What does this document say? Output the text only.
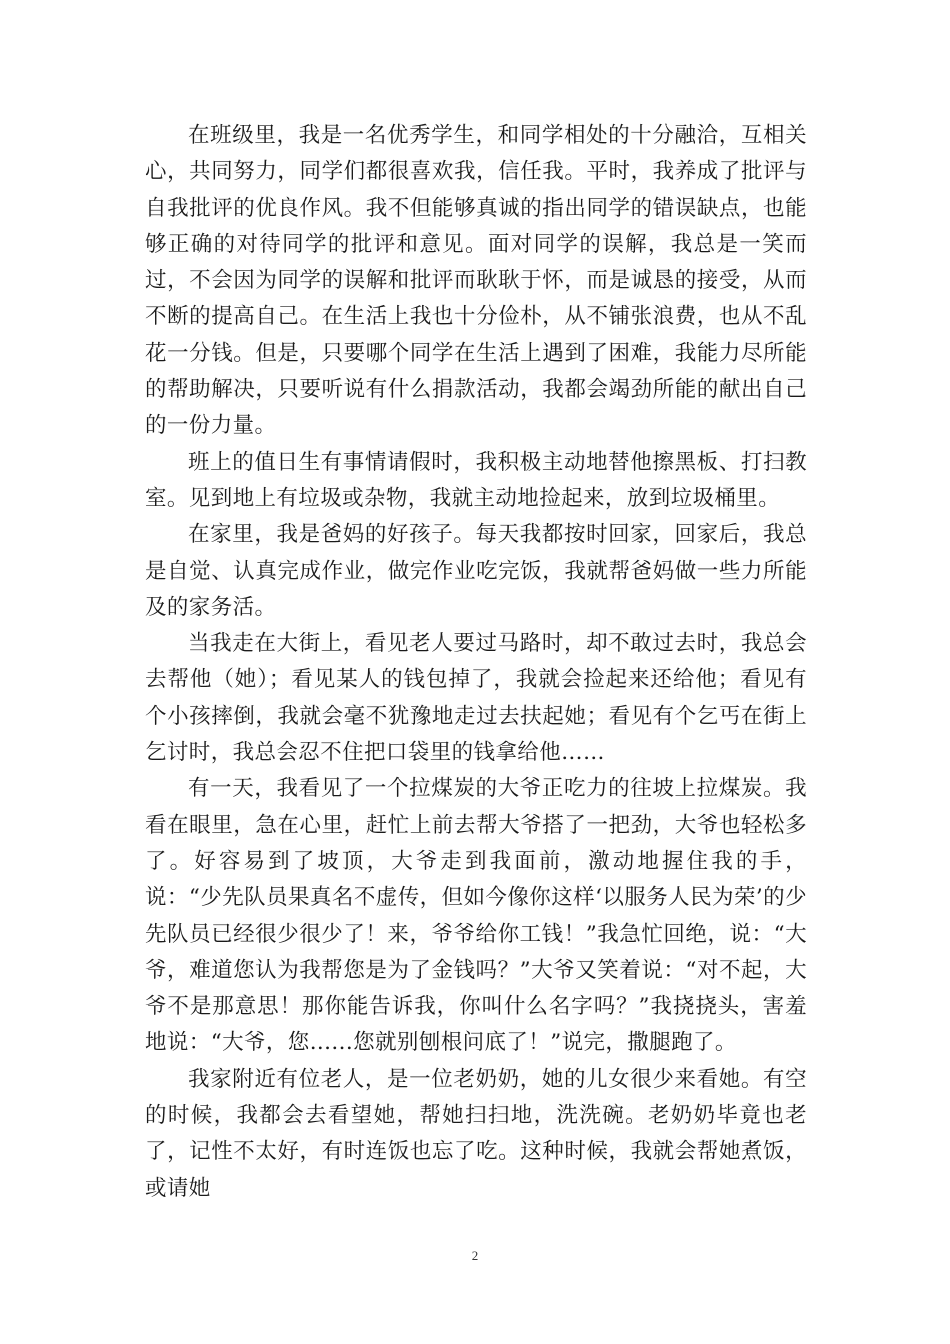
在班级里，我是一名优秀学生，和同学相处的十分融洽，互相关心，共同努力，同学们都很喜欢我，信任我。平时，我养成了批评与自我批评的优良作风。我不但能够真诚的指出同学的错误缺点，也能够正确的对待同学的批评和意见。面对同学的误解，我总是一笑而过，不会因为同学的误解和批评而耿耿于怀，而是诚恳的接受，从而不断的提高自己。在生活上我也十分俭朴，从不铺张浪费，也从不乱花一分钱。但是，只要哪个同学在生活上遇到了困难，我能力尽所能的帮助解决，只要听说有什么捐款活动，我都会竭劲所能的献出自己的一份力量。

班上的值日生有事情请假时，我积极主动地替他擦黑板、打扫教室。见到地上有垃圾或杂物，我就主动地捡起来，放到垃圾桶里。

在家里，我是爸妈的好孩子。每天我都按时回家，回家后，我总是自觉、认真完成作业，做完作业吃完饭，我就帮爸妈做一些力所能及的家务活。

当我走在大街上，看见老人要过马路时，却不敢过去时，我总会去帮他（她）；看见某人的钱包掉了，我就会捡起来还给他；看见有个小孩摔倒，我就会毫不犹豫地走过去扶起她；看见有个乞丐在街上乞讨时，我总会忍不住把口袋里的钱拿给他……

有一天，我看见了一个拉煤炭的大爷正吃力的往坡上拉煤炭。我看在眼里，急在心里，赶忙上前去帮大爷搭了一把劲，大爷也轻松多了。好容易到了坡顶，大爷走到我面前，激动地握住我的手，说：“少先队员果真名不虚传，但如今像你这样‘以服务人民为荣’的少先队员已经很少很少了！来，爷爷给你工钱！”我急忙回绝，说：“大爷，难道您认为我帮您是为了金钱吗？”大爷又笑着说：“对不起，大爷不是那意思！那你能告诉我，你叫什么名字吗？”我挠挠头，害羞地说：“大爷，您......您就别刨根问底了！”说完，撒腿跑了。

我家附近有位老人，是一位老奶奶，她的儿女很少来看她。有空的时候，我都会去看望她，帮她扫扫地，洗洗碗。老奶奶毕竟也老了，记性不太好，有时连饭也忘了吃。这种时候，我就会帮她煮饭，或请她

2
